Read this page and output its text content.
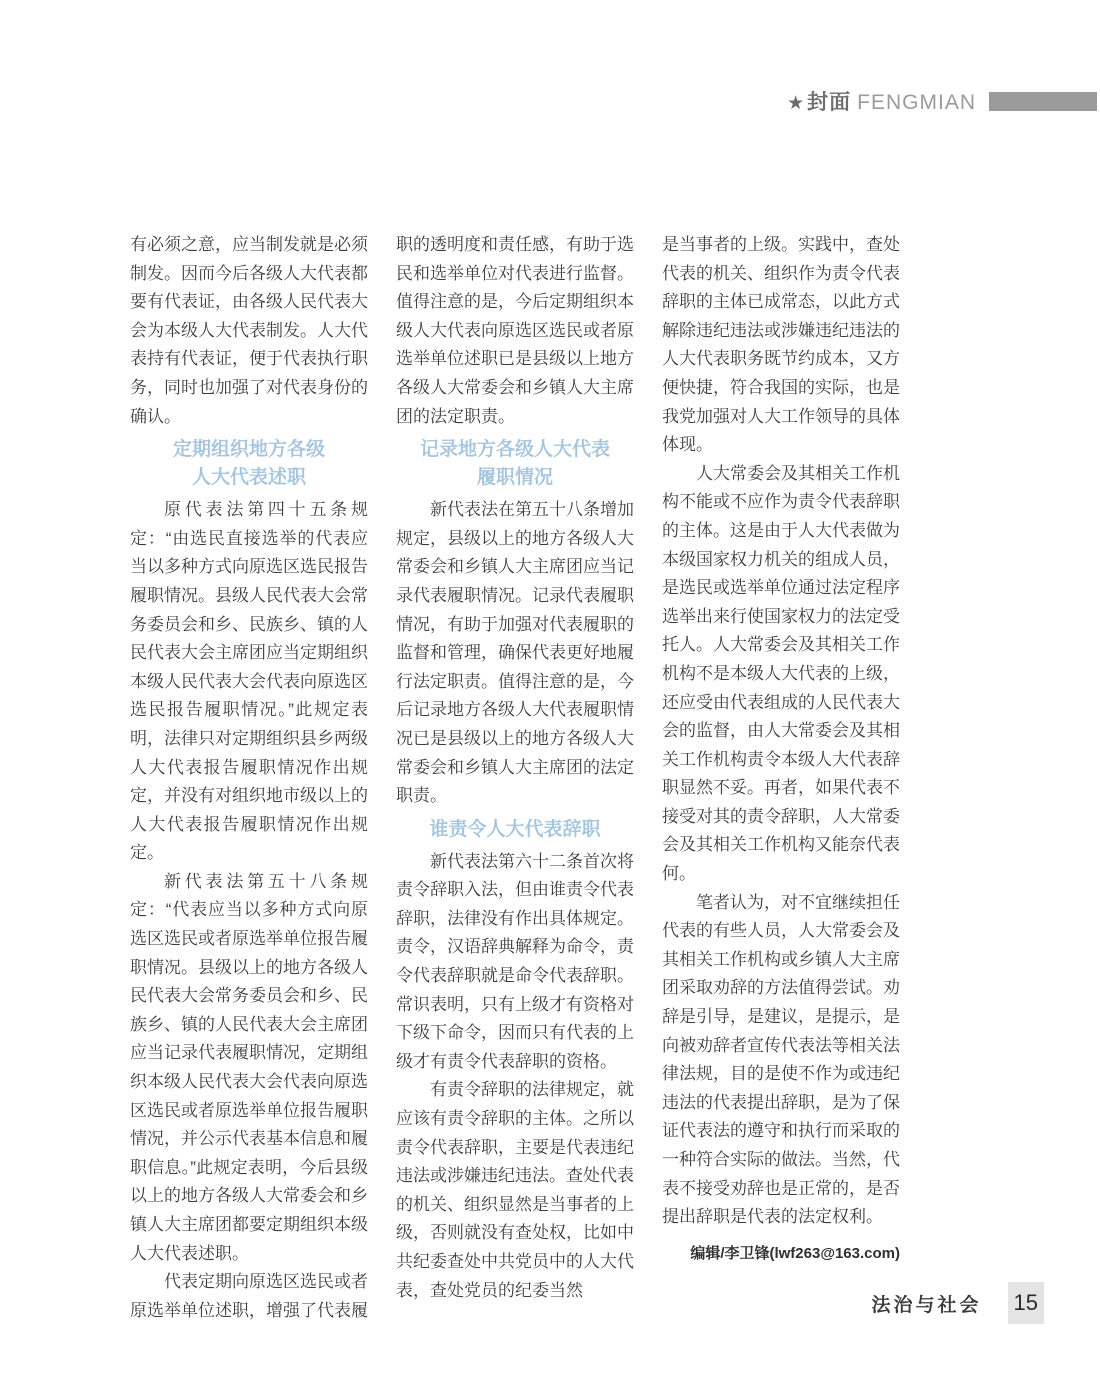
★封面 FENGMIAN

有必须之意，应当制发就是必须制发。因而今后各级人大代表都要有代表证，由各级人民代表大会为本级人大代表制发。人大代表持有代表证，便于代表执行职务，同时也加强了对代表身份的确认。

定期组织地方各级
人大代表述职

原代表法第四十五条规定：“由选民直接选举的代表应当以多种方式向原选区选民报告履职情况。县级人民代表大会常务委员会和乡、民族乡、镇的人民代表大会主席团应当定期组织本级人民代表大会代表向原选区选民报告履职情况。”此规定表明，法律只对定期组织县乡两级人大代表报告履职情况作出规定，并没有对组织地市级以上的人大代表报告履职情况作出规定。

新代表法第五十八条规定：“代表应当以多种方式向原选区选民或者原选举单位报告履职情况。县级以上的地方各级人民代表大会常务委员会和乡、民族乡、镇的人民代表大会主席团应当记录代表履职情况，定期组织本级人民代表大会代表向原选区选民或者原选举单位报告履职情况，并公示代表基本信息和履职信息。”此规定表明，今后县级以上的地方各级人大常委会和乡镇人大主席团都要定期组织本级人大代表述职。

代表定期向原选区选民或者原选举单位述职，增强了代表履

职的透明度和责任感，有助于选民和选举单位对代表进行监督。值得注意的是，今后定期组织本级人大代表向原选区选民或者原选举单位述职已是县级以上地方各级人大常委会和乡镇人大主席团的法定职责。

记录地方各级人大代表
履职情况

新代表法在第五十八条增加规定，县级以上的地方各级人大常委会和乡镇人大主席团应当记录代表履职情况。记录代表履职情况，有助于加强对代表履职的监督和管理，确保代表更好地履行法定职责。值得注意的是，今后记录地方各级人大代表履职情况已是县级以上的地方各级人大常委会和乡镇人大主席团的法定职责。

谁责令人大代表辞职

新代表法第六十二条首次将责令辞职入法，但由谁责令代表辞职，法律没有作出具体规定。责令，汉语辞典解释为命令，责令代表辞职就是命令代表辞职。常识表明，只有上级才有资格对下级下命令，因而只有代表的上级才有责令代表辞职的资格。

有责令辞职的法律规定，就应该有责令辞职的主体。之所以责令代表辞职，主要是代表违纪违法或涉嫌违纪违法。查处代表的机关、组织显然是当事者的上级，否则就没有查处权，比如中共纪委查处中共党员中的人大代表，查处党员的纪委当然

是当事者的上级。实践中，查处代表的机关、组织作为责令代表辞职的主体已成常态，以此方式解除违纪违法或涉嫌违纪违法的人大代表职务既节约成本，又方便快捷，符合我国的实际，也是我党加强对人大工作领导的具体体现。

人大常委会及其相关工作机构不能或不应作为责令代表辞职的主体。这是由于人大代表做为本级国家权力机关的组成人员，是选民或选举单位通过法定程序选举出来行使国家权力的法定受托人。人大常委会及其相关工作机构不是本级人大代表的上级，还应受由代表组成的人民代表大会的监督，由人大常委会及其相关工作机构责令本级人大代表辞职显然不妥。再者，如果代表不接受对其的责令辞职，人大常委会及其相关工作机构又能奈代表何。

笔者认为，对不宜继续担任代表的有些人员，人大常委会及其相关工作机构或乡镇人大主席团采取劝辞的方法值得尝试。劝辞是引导，是建议，是提示，是向被劝辞者宣传代表法等相关法律法规，目的是使不作为或违纪违法的代表提出辞职，是为了保证代表法的遵守和执行而采取的一种符合实际的做法。当然，代表不接受劝辞也是正常的，是否提出辞职是代表的法定权利。

编辑/李卫锋(lwf263@163.com)
法治与社会 15
